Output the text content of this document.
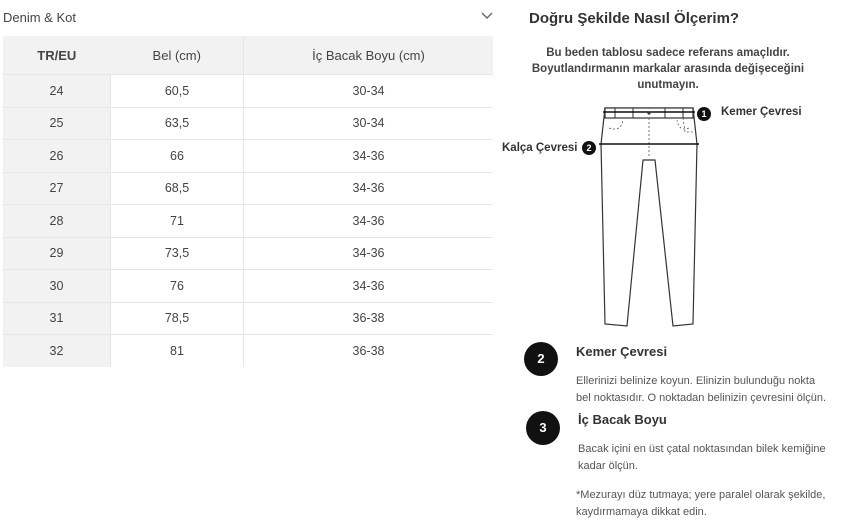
Denim & Kot
TR/EU	Bel (cm)	İç Bacak Boyu (cm)
24	60,5	30-34
25	63,5	30-34
26	66	34-36
27	68,5	34-36
28	71	34-36
29	73,5	34-36
30	76	34-36
31	78,5	36-38
32	81	36-38
Doğru Şekilde Nasıl Ölçerim?
Bu beden tablosu sadece referans amaçlıdır.
Boyutlandırmanın markalar arasında değişeceğini
unutmayın.
1	Kemer Çevresi
Kalça Çevresi	2
2	Kemer Çevresi
Ellerinizi belinize koyun. Elinizin bulunduğu nokta
bel noktasıdır. O noktadan belinizin çevresini ölçün.
3
İç Bacak Boyu
Bacak içini en üst çatal noktasından bilek kemiğine
kadar ölçün.
*Mezurayı düz tutmaya; yere paralel olarak şekilde,
kaydırmamaya dikkat edin.
